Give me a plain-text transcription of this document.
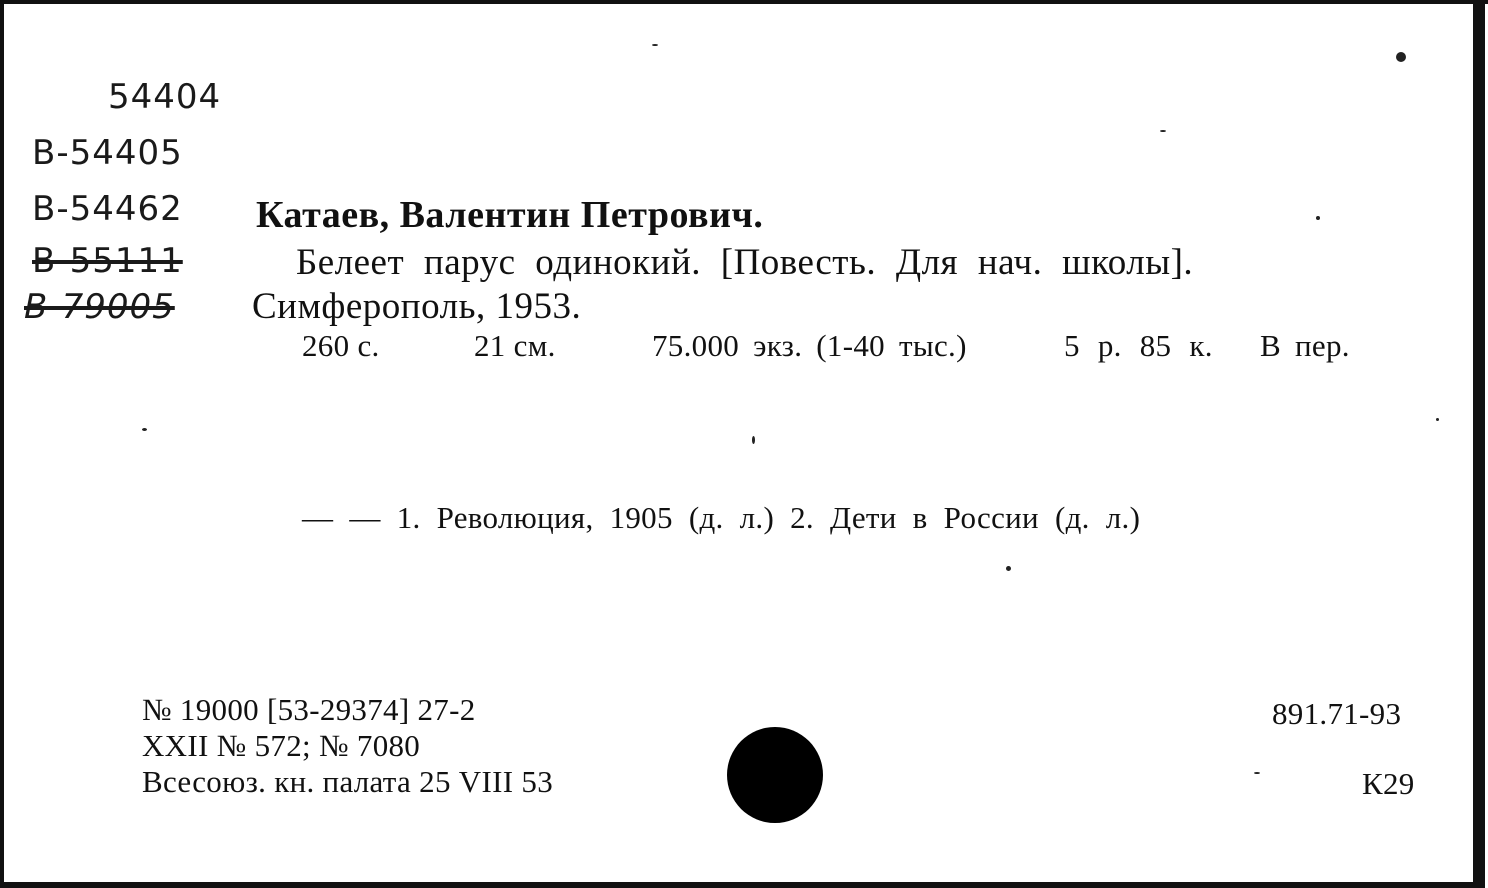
54404
В-54405
В-54462
В-55111
В-79005
Катаев, Валентин Петрович.
Белеет парус одинокий. [Повесть. Для нач. школы].
Симферополь, 1953.
260 с.	21 см.	75.000 экз. (1-40 тыс.)	5 р. 85 к. В пер.
— — 1. Революция, 1905 (д. л.) 2. Дети в России (д. л.)
№ 19000 [53-29374] 27-2
XXII № 572; № 7080
Всесоюз. кн. палата 25 VIII 53
891.71-93
К29
